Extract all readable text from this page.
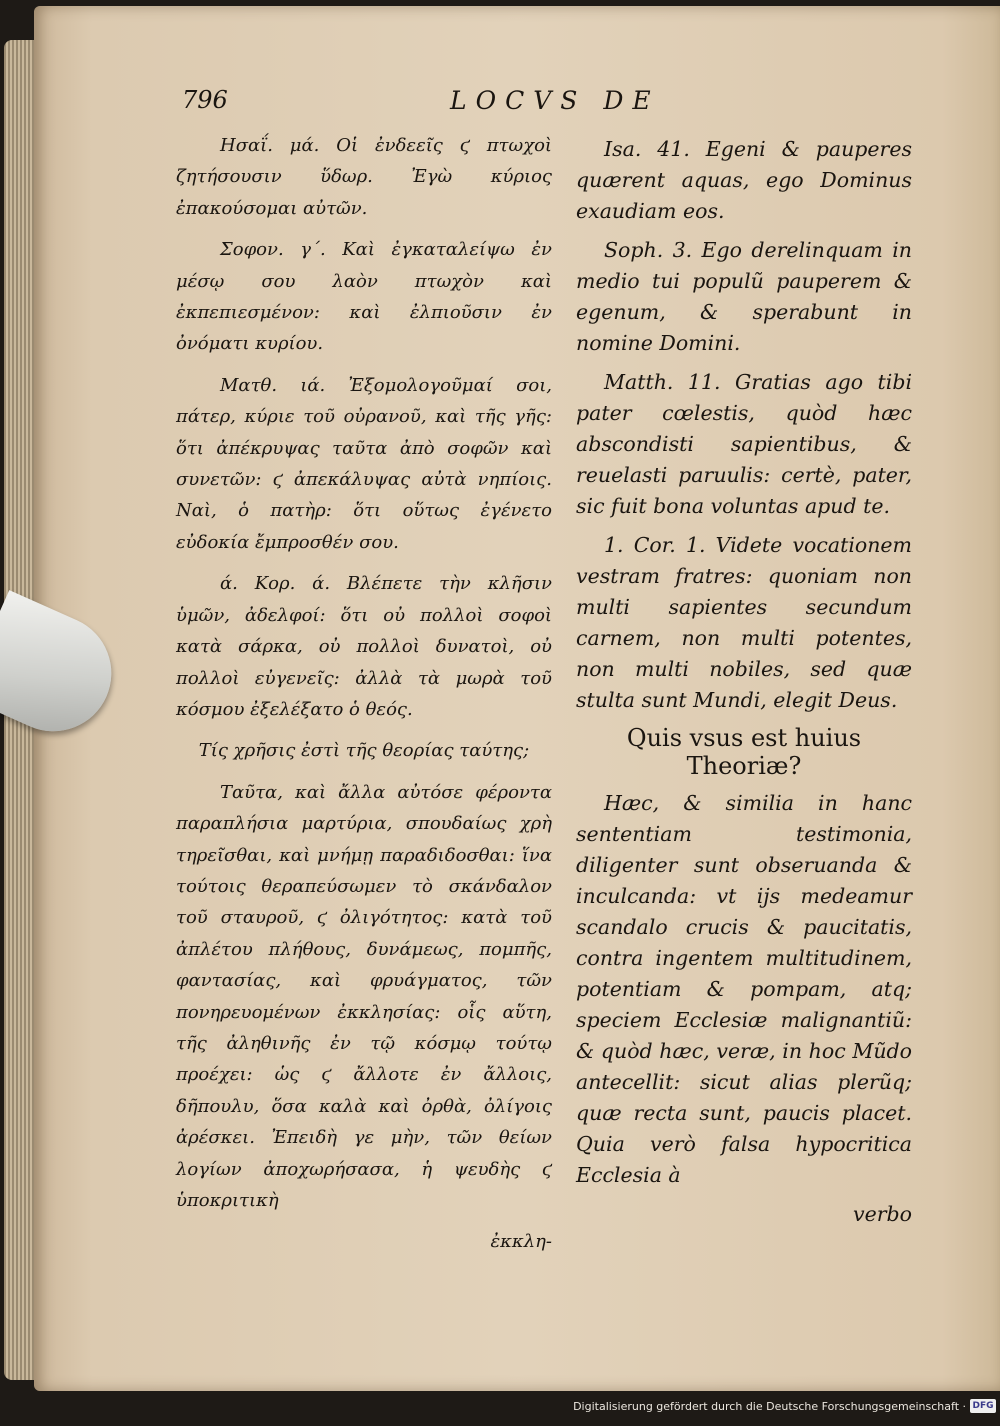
796	LOCVS DE

Ησαΐ. μά. Οἱ ἐνδεεῖς ϛ πτωχοὶ ζητήσουσιν ὕδωρ. Ἐγὼ κύριος ἐπακούσομαι αὐτῶν.

Σοφον. γ΄. Καὶ ἐγκαταλείψω ἐν μέσῳ σου λαὸν πτωχὸν καὶ ἐκπεπιεσμένον: καὶ ἐλπιοῦσιν ἐν ὀνόματι κυρίου.

Ματθ. ιά. Ἐξομολογοῦμαί σοι, πάτερ, κύριε τοῦ οὐρανοῦ, καὶ τῆς γῆς: ὅτι ἀπέκρυψας ταῦτα ἀπὸ σοφῶν καὶ συνετῶν: ϛ ἀπεκάλυψας αὐτὰ νηπίοις. Ναὶ, ὁ πατὴρ: ὅτι οὕτως ἐγένετο εὐδοκία ἔμπροσθέν σου.

ά. Κορ. ά. Βλέπετε τὴν κλῆσιν ὑμῶν, ἀδελφοί: ὅτι οὐ πολλοὶ σοφοὶ κατὰ σάρκα, οὐ πολλοὶ δυνατοὶ, οὐ πολλοὶ εὐγενεῖς: ἀλλὰ τὰ μωρὰ τοῦ κόσμου ἐξελέξατο ὁ θεός.

Τίς χρῆσις ἐστὶ τῆς θεορίας ταύτης;

Ταῦτα, καὶ ἄλλα αὐτόσε φέροντα παραπλήσια μαρτύρια, σπουδαίως χρὴ τηρεῖσθαι, καὶ μνήμῃ παραδιδοσθαι: ἵνα τούτοις θεραπεύσωμεν τὸ σκάνδαλον τοῦ σταυροῦ, ϛ ὀλιγότητος: κατὰ τοῦ ἀπλέτου πλήθους, δυνάμεως, πομπῆς, φαντασίας, καὶ φρυάγματος, τῶν πονηρευομένων ἐκκλησίας: οἷς αὕτη, τῆς ἀληθινῆς ἐν τῷ κόσμῳ τούτῳ προέχει: ὡς ϛ ἄλλοτε ἐν ἄλλοις, δῆπουλυ, ὅσα καλὰ καὶ ὀρθὰ, ὀλίγοις ἀρέσκει. Ἐπειδὴ γε μὴν, τῶν θείων λογίων ἀποχωρήσασα, ἡ ψευδὴς ϛ ὑποκριτικὴ

ἐκκλη-

Isa. 41. Egeni & pauperes quærent aquas, ego Dominus exaudiam eos.

Soph. 3. Ego derelinquam in medio tui populũ pauperem & egenum, & sperabunt in nomine Domini.

Matth. 11. Gratias ago tibi pater cœlestis, quòd hæc abscondisti sapientibus, & reuelasti paruulis: certè, pater, sic fuit bona voluntas apud te.

1. Cor. 1. Videte vocationem vestram fratres: quoniam non multi sapientes secundum carnem, non multi potentes, non multi nobiles, sed quæ stulta sunt Mundi, elegit Deus.

Quis vsus est huius Theoriæ?

Hæc, & similia in hanc sententiam testimonia, diligenter sunt obseruanda & inculcanda: vt ijs medeamur scandalo crucis & paucitatis, contra ingentem multitudinem, potentiam & pompam, atq; speciem Ecclesiæ malignantiũ: & quòd hæc, veræ, in hoc Mũdo antecellit: sicut alias plerũq; quæ recta sunt, paucis placet. Quia verò falsa hypocritica Ecclesia à

verbo

Digitalisierung gefördert durch die Deutsche Forschungsgemeinschaft · DFG
